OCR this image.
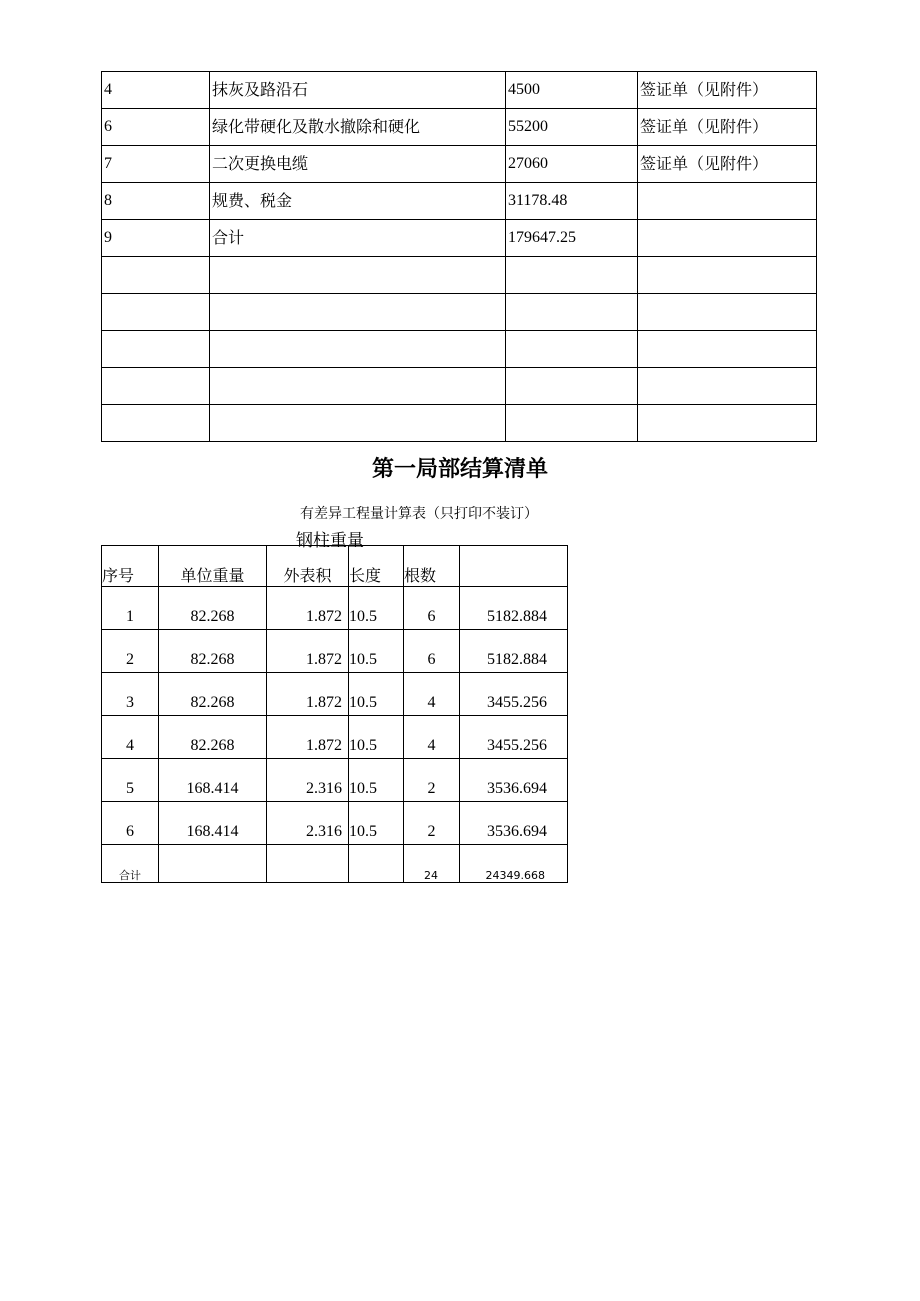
4	抹灰及路沿石	4500	签证单（见附件）
6	绿化带硬化及散水撤除和硬化	55200	签证单（见附件）
7	二次更换电缆	27060	签证单（见附件）
8	规费、税金	31178.48	
9	合计	179647.25	

第一局部结算清单

有差异工程量计算表（只打印不装订）

钢柱重量

序号	单位重量	外表积	长度	根数	
1	82.268	1.872	10.5	6	5182.884
2	82.268	1.872	10.5	6	5182.884
3	82.268	1.872	10.5	4	3455.256
4	82.268	1.872	10.5	4	3455.256
5	168.414	2.316	10.5	2	3536.694
6	168.414	2.316	10.5	2	3536.694
合计				24	24349.668
